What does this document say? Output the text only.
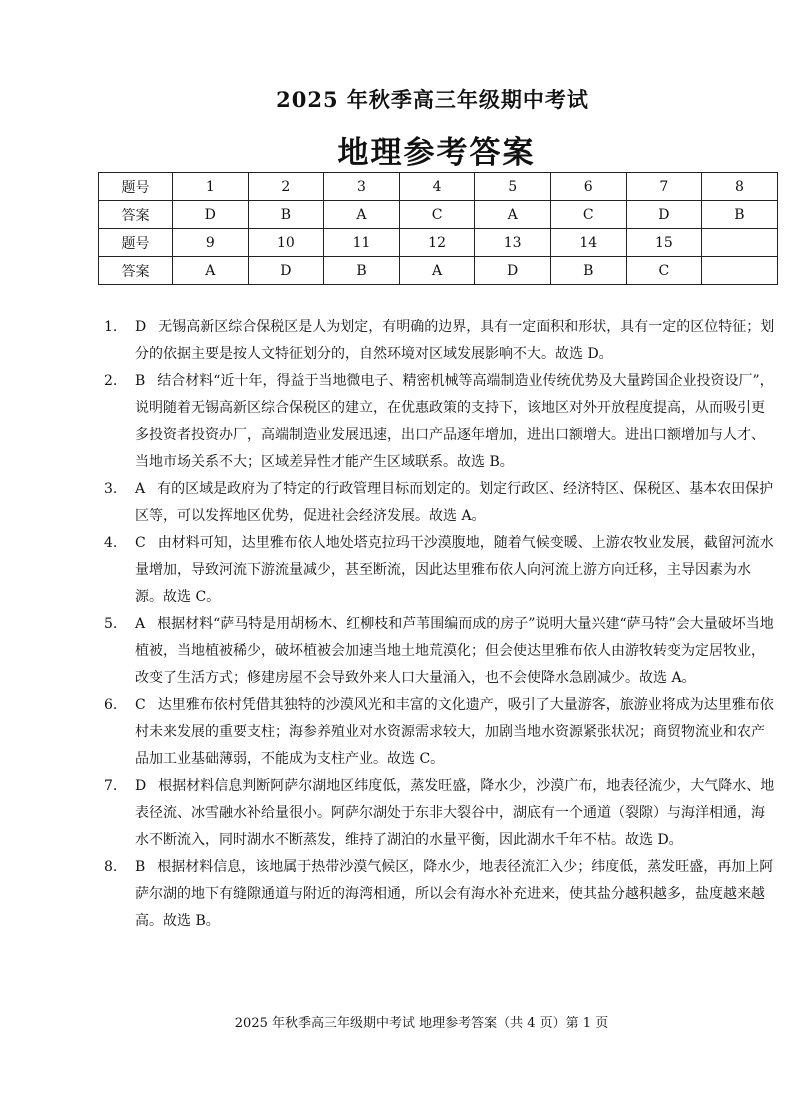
2025 年秋季高三年级期中考试
地理参考答案
题号	1	2	3	4	5	6	7	8
答案	D	B	A	C	A	C	D	B
题号	9	10	11	12	13	14	15	
答案	A	D	B	A	D	B	C	

1. D 无锡高新区综合保税区是人为划定，有明确的边界，具有一定面积和形状，具有一定的区位特征；划分的依据主要是按人文特征划分的，自然环境对区域发展影响不大。故选 D。

2. B 结合材料“近十年，得益于当地微电子、精密机械等高端制造业传统优势及大量跨国企业投资设厂”，说明随着无锡高新区综合保税区的建立，在优惠政策的支持下，该地区对外开放程度提高，从而吸引更多投资者投资办厂，高端制造业发展迅速，出口产品逐年增加，进出口额增大。进出口额增加与人才、当地市场关系不大；区域差异性才能产生区域联系。故选 B。

3. A 有的区域是政府为了特定的行政管理目标而划定的。划定行政区、经济特区、保税区、基本农田保护区等，可以发挥地区优势，促进社会经济发展。故选 A。

4. C 由材料可知，达里雅布依人地处塔克拉玛干沙漠腹地，随着气候变暖、上游农牧业发展，截留河流水量增加，导致河流下游流量减少，甚至断流，因此达里雅布依人向河流上游方向迁移，主导因素为水源。故选 C。

5. A 根据材料“萨马特是用胡杨木、红柳枝和芦苇围编而成的房子”说明大量兴建“萨马特”会大量破坏当地植被，当地植被稀少，破坏植被会加速当地土地荒漠化；但会使达里雅布依人由游牧转变为定居牧业，改变了生活方式；修建房屋不会导致外来人口大量涌入，也不会使降水急剧减少。故选 A。

6. C 达里雅布依村凭借其独特的沙漠风光和丰富的文化遗产，吸引了大量游客，旅游业将成为达里雅布依村未来发展的重要支柱；海参养殖业对水资源需求较大，加剧当地水资源紧张状况；商贸物流业和农产品加工业基础薄弱，不能成为支柱产业。故选 C。

7. D 根据材料信息判断阿萨尔湖地区纬度低，蒸发旺盛，降水少，沙漠广布，地表径流少，大气降水、地表径流、冰雪融水补给量很小。阿萨尔湖处于东非大裂谷中，湖底有一个通道（裂隙）与海洋相通，海水不断流入，同时湖水不断蒸发，维持了湖泊的水量平衡，因此湖水千年不枯。故选 D。

8. B 根据材料信息，该地属于热带沙漠气候区，降水少，地表径流汇入少；纬度低，蒸发旺盛，再加上阿萨尔湖的地下有缝隙通道与附近的海湾相通，所以会有海水补充进来，使其盐分越积越多，盐度越来越高。故选 B。

2025 年秋季高三年级期中考试 地理参考答案（共 4 页）第 1 页
